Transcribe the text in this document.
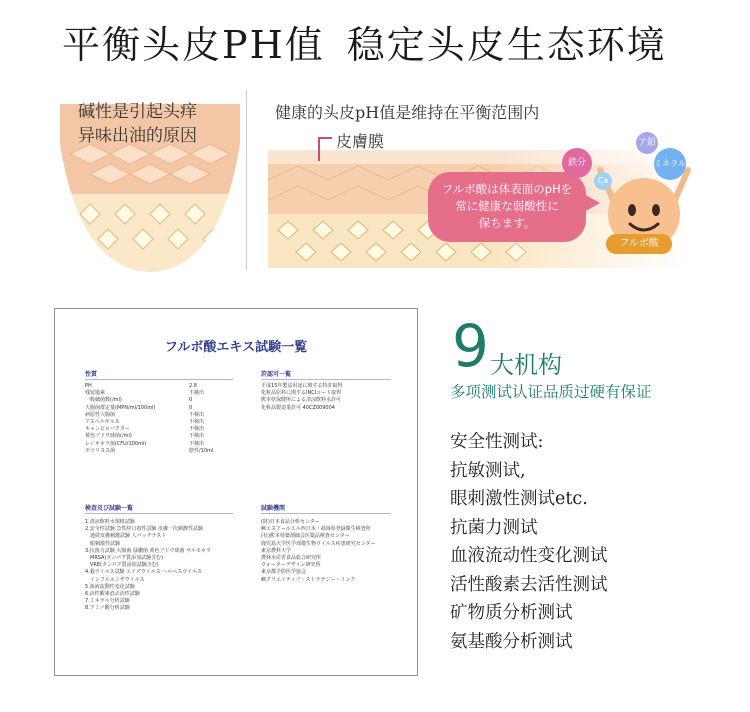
平衡头皮PH值 稳定头皮生态环境
碱性是引起头痒
异味出油的原因
健康的头皮pH值是维持在平衡范围内
皮膚膜
フルボ酸は体表面のpHを
常に健康な弱酸性に
保ちます。
鉄分
ア鉛
ミネラル
Ca
フルボ酸
フルボ酸エキス試験一覧
性質
PH	2.8
残留塩素	不検出
一般細菌数(/ml)	0
大腸菌群定量(MPN/ml/100ml)	0
病原性大腸菌	不検出
アスペルギルス	不検出
キャンピロバクター	不検出
黄色ブドウ球菌(/ml)	不検出
レジオネラ菌(CFU/100ml)	不検出
ボツリヌス菌	陰性/10ml
許認可一覧
平成15年製法用途に関する特許取得
化粧品原料に関するINCIコード取得
熊本県保健所による清涼飲料水許可
化粧品製造業許可 40CZ009004
検査及び試験一覧
1.清涼飲料水規格試験
2.安全性試験 急性経口毒性試験 皮膚一次刺激性試験
　連続皮膚刺激試験 人パッチテスト
　眼刺激性試験
3.抗菌力試験 大腸菌 緑膿菌 黄色ブドウ球菌 サルモネラ
　MRSA(タンパク質添加試験含む)
　VRE(タンパク質添加試験含む)
4.殺ウイルス試験 エイズウイルス ヘルペスウイルス
　インフルエンザウイルス
5.血液流動性変化試験
6.活性酸素消去活性試験
7.ミネラル分析試験
8.アミノ酸分析試験
試験機関
(財)日本食品分析センター
㈱エスアールエル西日本・福岡県登録衛生検査所
(社)熊本県薬剤師会医薬品検査センター
鹿児島大学医学部微生物ウイルス疾患研究センター
東京農科大学
農林水産省食品総合研究所
ウォーターデザイン研究所
東京都予防医学協会
㈱クリエイティブ・ストラテジー・インク
9 大机构
多项测试认证品质过硬有保证
安全性测试:
抗敏测试,
眼刺激性测试etc.
抗菌力测试
血液流动性变化测试
活性酸素去活性测试
矿物质分析测试
氨基酸分析测试
